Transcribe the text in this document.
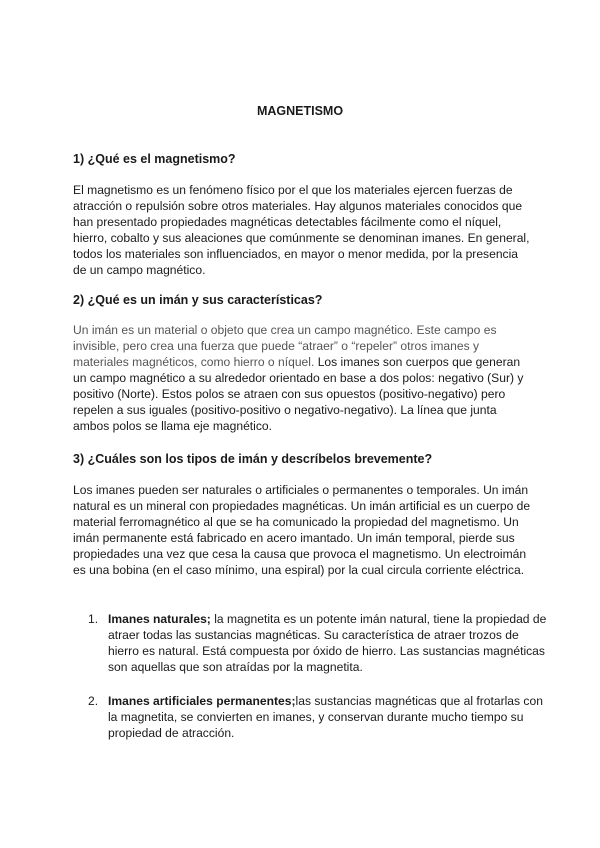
MAGNETISMO
1) ¿Qué es el magnetismo?

El magnetismo es un fenómeno físico por el que los materiales ejercen fuerzas de atracción o repulsión sobre otros materiales. Hay algunos materiales conocidos que han presentado propiedades magnéticas detectables fácilmente como el níquel, hierro, cobalto y sus aleaciones que comúnmente se denominan imanes. En general, todos los materiales son influenciados, en mayor o menor medida, por la presencia de un campo magnético.

2) ¿Qué es un imán y sus características?

Un imán es un material o objeto que crea un campo magnético. Este campo es invisible, pero crea una fuerza que puede “atraer” o “repeler” otros imanes y materiales magnéticos, como hierro o níquel. Los imanes son cuerpos que generan un campo magnético a su alrededor orientado en base a dos polos: negativo (Sur) y positivo (Norte). Estos polos se atraen con sus opuestos (positivo-negativo) pero repelen a sus iguales (positivo-positivo o negativo-negativo). La línea que junta ambos polos se llama eje magnético.

3) ¿Cuáles son los tipos de imán y descríbelos brevemente?

Los imanes pueden ser naturales o artificiales o permanentes o temporales. Un imán natural es un mineral con propiedades magnéticas. Un imán artificial es un cuerpo de material ferromagnético al que se ha comunicado la propiedad del magnetismo. Un imán permanente está fabricado en acero imantado. Un imán temporal, pierde sus propiedades una vez que cesa la causa que provoca el magnetismo. Un electroimán es una bobina (en el caso mínimo, una espiral) por la cual circula corriente eléctrica.

1. Imanes naturales; la magnetita es un potente imán natural, tiene la propiedad de atraer todas las sustancias magnéticas. Su característica de atraer trozos de hierro es natural. Está compuesta por óxido de hierro. Las sustancias magnéticas son aquellas que son atraídas por la magnetita.
2. Imanes artificiales permanentes;las sustancias magnéticas que al frotarlas con la magnetita, se convierten en imanes, y conservan durante mucho tiempo su propiedad de atracción.
